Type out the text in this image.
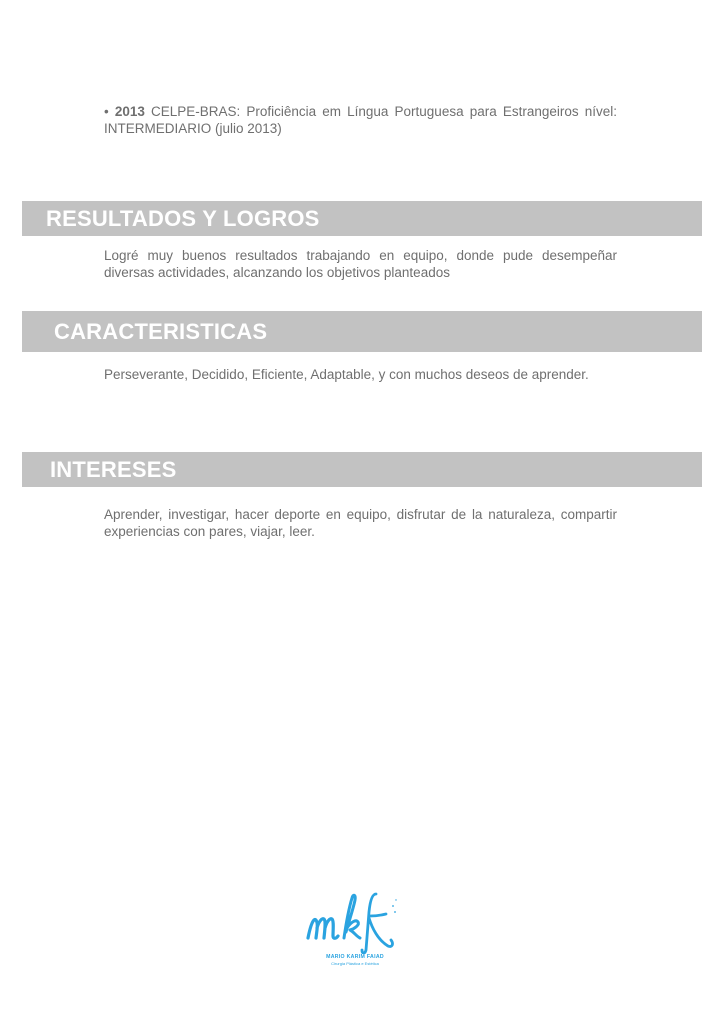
• 2013 CELPE-BRAS: Proficiência em Língua Portuguesa para Estrangeiros nível: INTERMEDIARIO (julio 2013)
RESULTADOS Y LOGROS
Logré muy buenos resultados trabajando en equipo, donde pude desempeñar diversas actividades, alcanzando los objetivos planteados
CARACTERISTICAS
Perseverante, Decidido, Eficiente, Adaptable, y con muchos deseos de aprender.
INTERESES
Aprender, investigar, hacer deporte en equipo, disfrutar de la naturaleza, compartir experiencias con pares, viajar, leer.
MARIO KARIM FAIAD
Cirurgia Plástica e Estética
